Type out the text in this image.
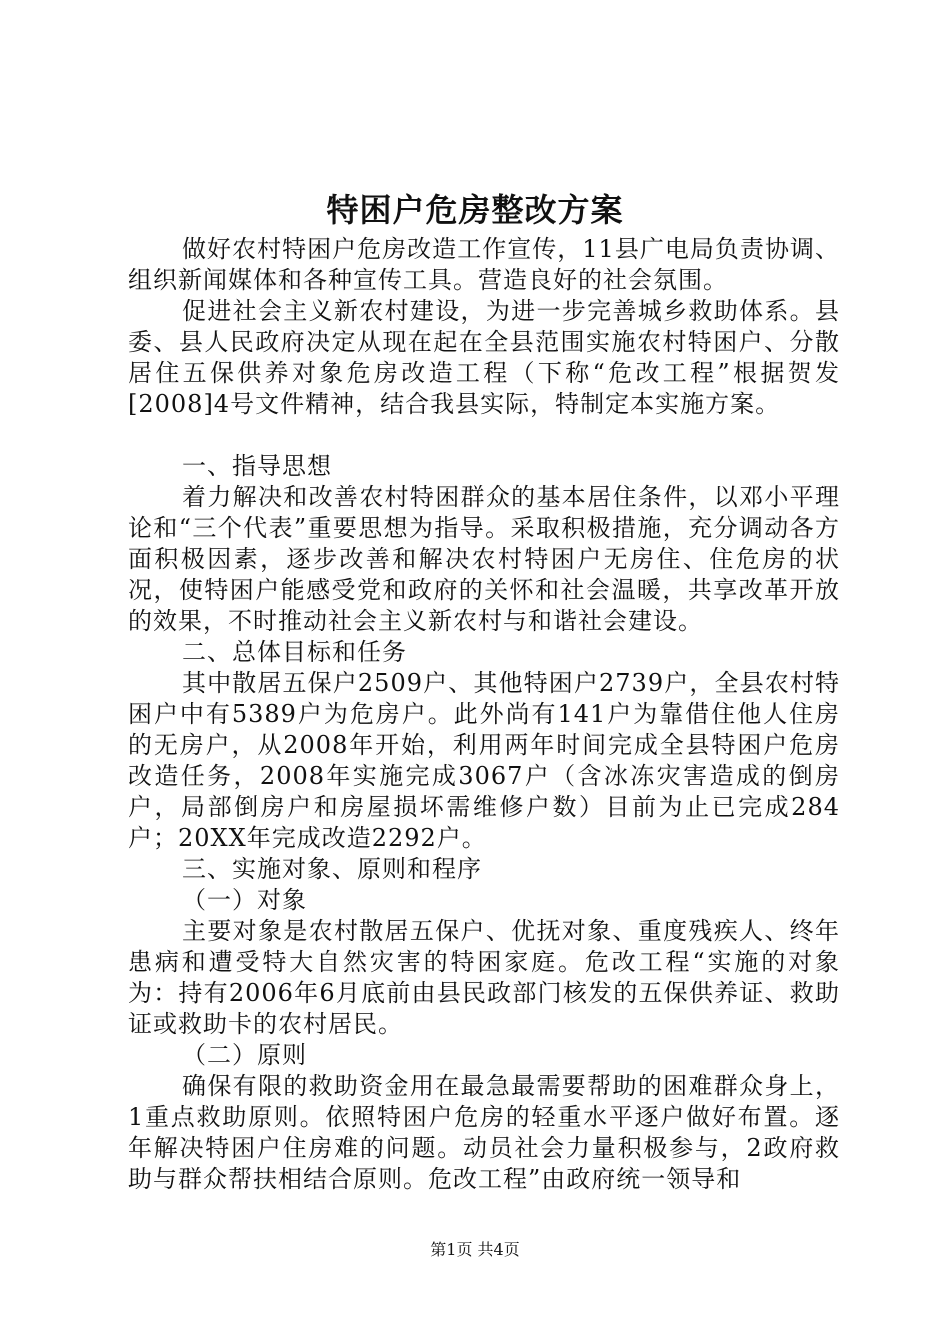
特困户危房整改方案

做好农村特困户危房改造工作宣传，11县广电局负责协调、组织新闻媒体和各种宣传工具。营造良好的社会氛围。

促进社会主义新农村建设，为进一步完善城乡救助体系。县委、县人民政府决定从现在起在全县范围实施农村特困户、分散居住五保供养对象危房改造工程（下称“危改工程”根据贺发[2008]4号文件精神，结合我县实际，特制定本实施方案。

一、指导思想

着力解决和改善农村特困群众的基本居住条件，以邓小平理论和“三个代表”重要思想为指导。采取积极措施，充分调动各方面积极因素，逐步改善和解决农村特困户无房住、住危房的状况，使特困户能感受党和政府的关怀和社会温暖，共享改革开放的效果，不时推动社会主义新农村与和谐社会建设。

二、总体目标和任务

其中散居五保户2509户、其他特困户2739户，全县农村特困户中有5389户为危房户。此外尚有141户为靠借住他人住房的无房户，从2008年开始，利用两年时间完成全县特困户危房改造任务，2008年实施完成3067户（含冰冻灾害造成的倒房户，局部倒房户和房屋损坏需维修户数）目前为止已完成284户；20XX年完成改造2292户。

三、实施对象、原则和程序

（一）对象

主要对象是农村散居五保户、优抚对象、重度残疾人、终年患病和遭受特大自然灾害的特困家庭。危改工程“实施的对象为：持有2006年6月底前由县民政部门核发的五保供养证、救助证或救助卡的农村居民。

（二）原则

确保有限的救助资金用在最急最需要帮助的困难群众身上，1重点救助原则。依照特困户危房的轻重水平逐户做好布置。逐年解决特困户住房难的问题。动员社会力量积极参与，2政府救助与群众帮扶相结合原则。危改工程”由政府统一领导和

第1页 共4页
